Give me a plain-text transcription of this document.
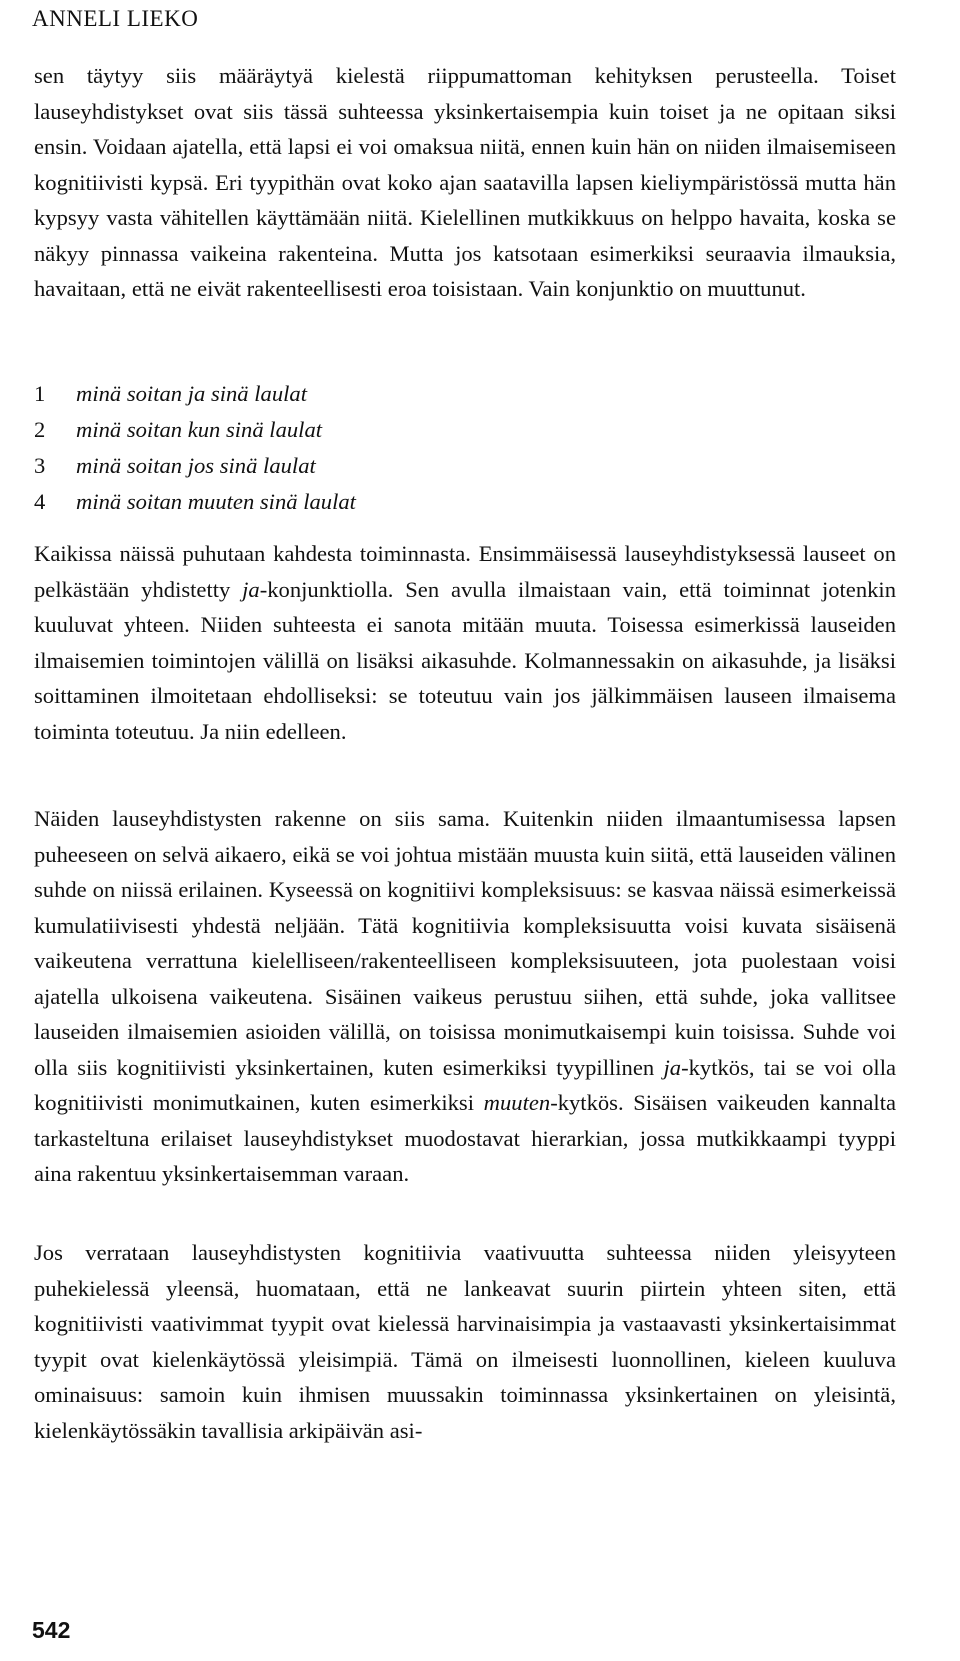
ANNELI LIEKO

sen täytyy siis määräytyä kielestä riippumattoman kehityksen perusteella. Toiset lauseyhdistykset ovat siis tässä suhteessa yksinkertaisempia kuin toiset ja ne opitaan siksi ensin. Voidaan ajatella, että lapsi ei voi omaksua niitä, ennen kuin hän on niiden ilmaisemiseen kognitiivisti kypsä. Eri tyypithän ovat koko ajan saatavilla lapsen kieliympäristössä mutta hän kypsyy vasta vähitellen käyttämään niitä. Kielellinen mutkikkuus on helppo havaita, koska se näkyy pinnassa vaikeina rakenteina. Mutta jos katsotaan esimerkiksi seuraavia ilmauksia, havaitaan, että ne eivät rakenteellisesti eroa toisistaan. Vain konjunktio on muuttunut.

1	minä soitan ja sinä laulat
2	minä soitan kun sinä laulat
3	minä soitan jos sinä laulat
4	minä soitan muuten sinä laulat

Kaikissa näissä puhutaan kahdesta toiminnasta. Ensimmäisessä lauseyhdistyksessä lauseet on pelkästään yhdistetty ja-konjunktiolla. Sen avulla ilmaistaan vain, että toiminnat jotenkin kuuluvat yhteen. Niiden suhteesta ei sanota mitään muuta. Toisessa esimerkissä lauseiden ilmaisemien toimintojen välillä on lisäksi aikasuhde. Kolmannessakin on aikasuhde, ja lisäksi soittaminen ilmoitetaan ehdolliseksi: se toteutuu vain jos jälkimmäisen lauseen ilmaisema toiminta toteutuu. Ja niin edelleen.

Näiden lauseyhdistysten rakenne on siis sama. Kuitenkin niiden ilmaantumisessa lapsen puheeseen on selvä aikaero, eikä se voi johtua mistään muusta kuin siitä, että lauseiden välinen suhde on niissä erilainen. Kyseessä on kognitiivi kompleksisuus: se kasvaa näissä esimerkeissä kumulatiivisesti yhdestä neljään. Tätä kognitiivia kompleksisuutta voisi kuvata sisäisenä vaikeutena verrattuna kielelliseen/rakenteelliseen kompleksisuuteen, jota puolestaan voisi ajatella ulkoisena vaikeutena. Sisäinen vaikeus perustuu siihen, että suhde, joka vallitsee lauseiden ilmaisemien asioiden välillä, on toisissa monimutkaisempi kuin toisissa. Suhde voi olla siis kognitiivisti yksinkertainen, kuten esimerkiksi tyypillinen ja-kytkös, tai se voi olla kognitiivisti monimutkainen, kuten esimerkiksi muuten-kytkös. Sisäisen vaikeuden kannalta tarkasteltuna erilaiset lauseyhdistykset muodostavat hierarkian, jossa mutkikkaampi tyyppi aina rakentuu yksinkertaisemman varaan.

Jos verrataan lauseyhdistysten kognitiivia vaativuutta suhteessa niiden yleisyyteen puhekielessä yleensä, huomataan, että ne lankeavat suurin piirtein yhteen siten, että kognitiivisti vaativimmat tyypit ovat kielessä harvinaisimpia ja vastaavasti yksinkertaisimmat tyypit ovat kielenkäytössä yleisimpiä. Tämä on ilmeisesti luonnollinen, kieleen kuuluva ominaisuus: samoin kuin ihmisen muussakin toiminnassa yksinkertainen on yleisintä, kielenkäytössäkin tavallisia arkipäivän asi-

542
